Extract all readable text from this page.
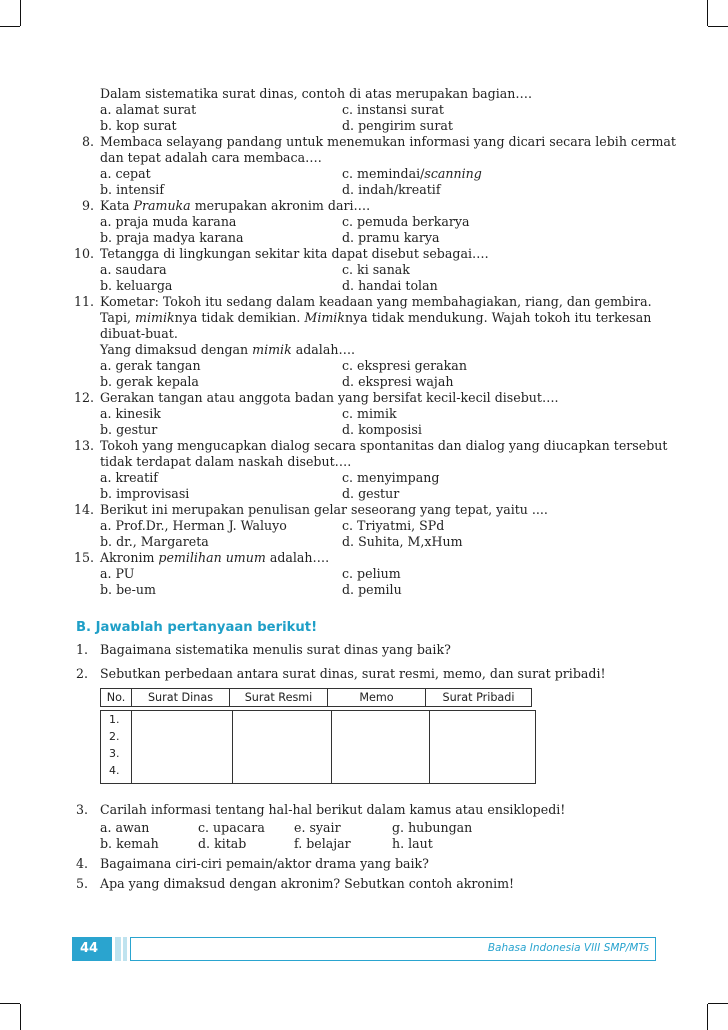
Dalam sistematika surat dinas, contoh di atas merupakan bagian….
a. alamat surat	c. instansi surat
b. kop surat	d. pengirim surat
8. Membaca selayang pandang untuk menemukan informasi yang dicari secara lebih cermat
dan tepat adalah cara membaca….
a. cepat	c. memindai/scanning
b. intensif	d. indah/kreatif
9. Kata Pramuka merupakan akronim dari….
a. praja muda karana	c. pemuda berkarya
b. praja madya karana	d. pramu karya
10. Tetangga di lingkungan sekitar kita dapat disebut sebagai….
a. saudara	c. ki sanak
b. keluarga	d. handai tolan
11. Kometar: Tokoh itu sedang dalam keadaan yang membahagiakan, riang, dan gembira.
Tapi, mimiknya tidak demikian. Mimiknya tidak mendukung. Wajah tokoh itu terkesan
dibuat-buat.
Yang dimaksud dengan mimik adalah….
a. gerak tangan	c. ekspresi gerakan
b. gerak kepala	d. ekspresi wajah
12. Gerakan tangan atau anggota badan yang bersifat kecil-kecil disebut….
a. kinesik	c. mimik
b. gestur	d. komposisi
13. Tokoh yang mengucapkan dialog secara spontanitas dan dialog yang diucapkan tersebut
tidak terdapat dalam naskah disebut….
a. kreatif	c. menyimpang
b. improvisasi	d. gestur
14. Berikut ini merupakan penulisan gelar seseorang yang tepat, yaitu ....
a. Prof.Dr., Herman J. Waluyo	c. Triyatmi, SPd
b. dr., Margareta	d. Suhita, M,xHum
15. Akronim pemilihan umum adalah….
a. PU	c. pelium
b. be-um	d. pemilu
B. Jawablah pertanyaan berikut!
1. Bagaimana sistematika menulis surat dinas yang baik?
2. Sebutkan perbedaan antara surat dinas, surat resmi, memo, dan surat pribadi!
No.	Surat Dinas	Surat Resmi	Memo	Surat Pribadi
1.
2.
3.
4.
3. Carilah informasi tentang hal-hal berikut dalam kamus atau ensiklopedi!
a. awan	c. upacara e. syair	g. hubungan
b. kemah	d. kitab	f. belajar	h. laut
4. Bagaimana ciri-ciri pemain/aktor drama yang baik?
5. Apa yang dimaksud dengan akronim? Sebutkan contoh akronim!
44	Bahasa Indonesia VIII SMP/MTs
